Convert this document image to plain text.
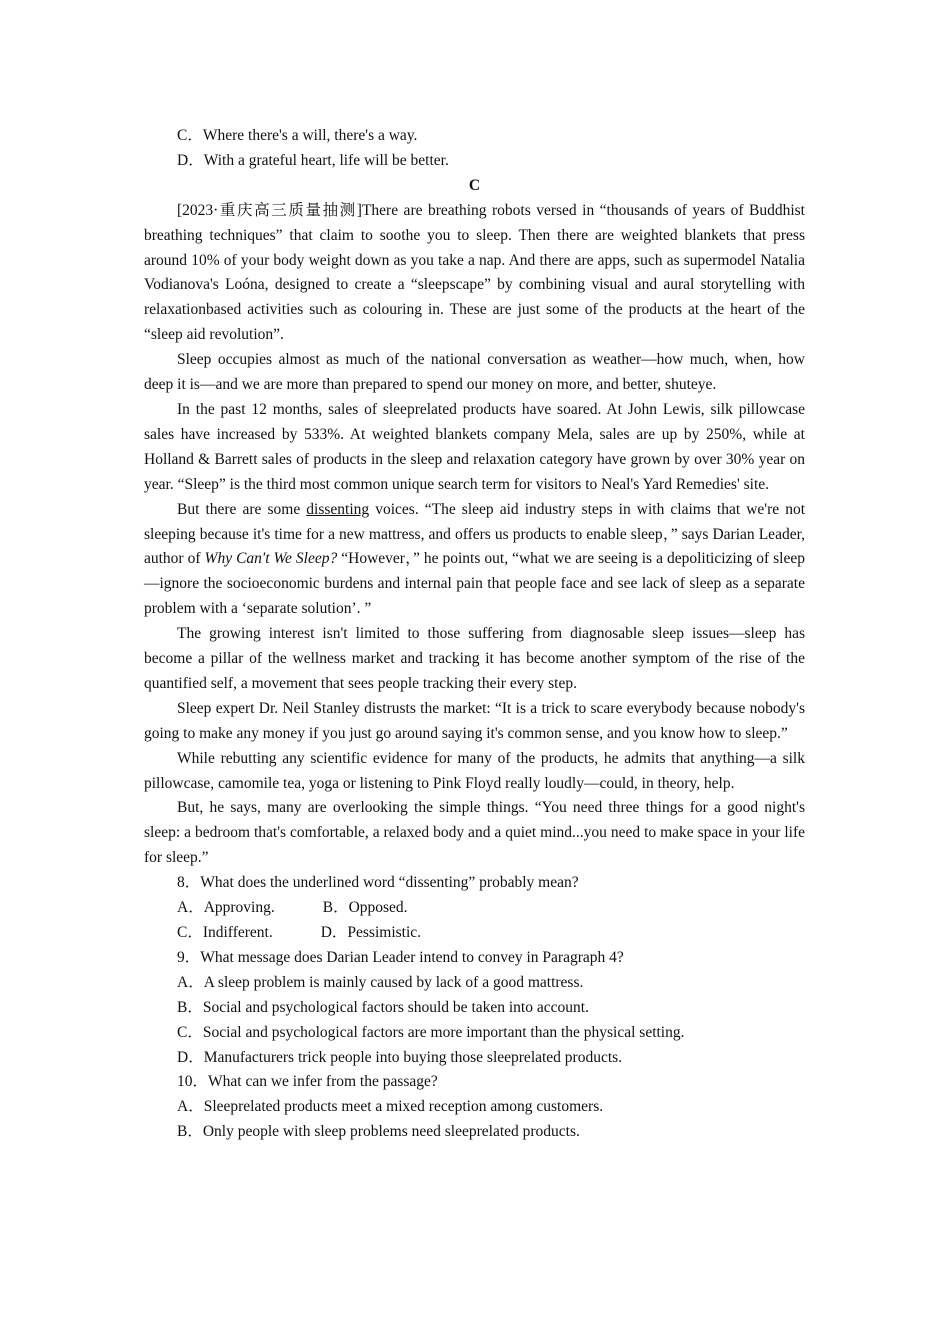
C．Where there's a will, there's a way.

D．With a grateful heart, life will be better.

C

[2023·重庆高三质量抽测]There are breathing robots versed in “thousands of years of Buddhist breathing techniques” that claim to soothe you to sleep. Then there are weighted blankets that press around 10% of your body weight down as you take a nap. And there are apps, such as supermodel Natalia Vodianova's Loóna, designed to create a “sleepscape” by combining visual and aural storytelling with relaxationbased activities such as colouring in. These are just some of the products at the heart of the “sleep aid revolution”.

Sleep occupies almost as much of the national conversation as weather—how much, when, how deep it is—and we are more than prepared to spend our money on more, and better, shuteye.

In the past 12 months, sales of sleeprelated products have soared. At John Lewis, silk pillowcase sales have increased by 533%. At weighted blankets company Mela, sales are up by 250%, while at Holland & Barrett sales of products in the sleep and relaxation category have grown by over 30% year on year. “Sleep” is the third most common unique search term for visitors to Neal's Yard Remedies' site.

But there are some dissenting voices. “The sleep aid industry steps in with claims that we're not sleeping because it's time for a new mattress, and offers us products to enable sleep，” says Darian Leader, author of Why Can't We Sleep? “However，” he points out, “what we are seeing is a depoliticizing of sleep—ignore the socioeconomic burdens and internal pain that people face and see lack of sleep as a separate problem with a ‘separate solution’. ”

The growing interest isn't limited to those suffering from diagnosable sleep issues—sleep has become a pillar of the wellness market and tracking it has become another symptom of the rise of the quantified self, a movement that sees people tracking their every step.

Sleep expert Dr. Neil Stanley distrusts the market: “It is a trick to scare everybody because nobody's going to make any money if you just go around saying it's common sense, and you know how to sleep.”

While rebutting any scientific evidence for many of the products, he admits that anything—a silk pillowcase, camomile tea, yoga or listening to Pink Floyd really loudly—could, in theory, help.

But, he says, many are overlooking the simple things. “You need three things for a good night's sleep: a bedroom that's comfortable, a relaxed body and a quiet mind...you need to make space in your life for sleep.”

8．What does the underlined word “dissenting” probably mean?

A．Approving.	B．Opposed.

C．Indifferent.	D．Pessimistic.

9．What message does Darian Leader intend to convey in Paragraph 4?

A．A sleep problem is mainly caused by lack of a good mattress.

B．Social and psychological factors should be taken into account.

C．Social and psychological factors are more important than the physical setting.

D．Manufacturers trick people into buying those sleeprelated products.

10．What can we infer from the passage?

A．Sleeprelated products meet a mixed reception among customers.

B．Only people with sleep problems need sleeprelated products.
